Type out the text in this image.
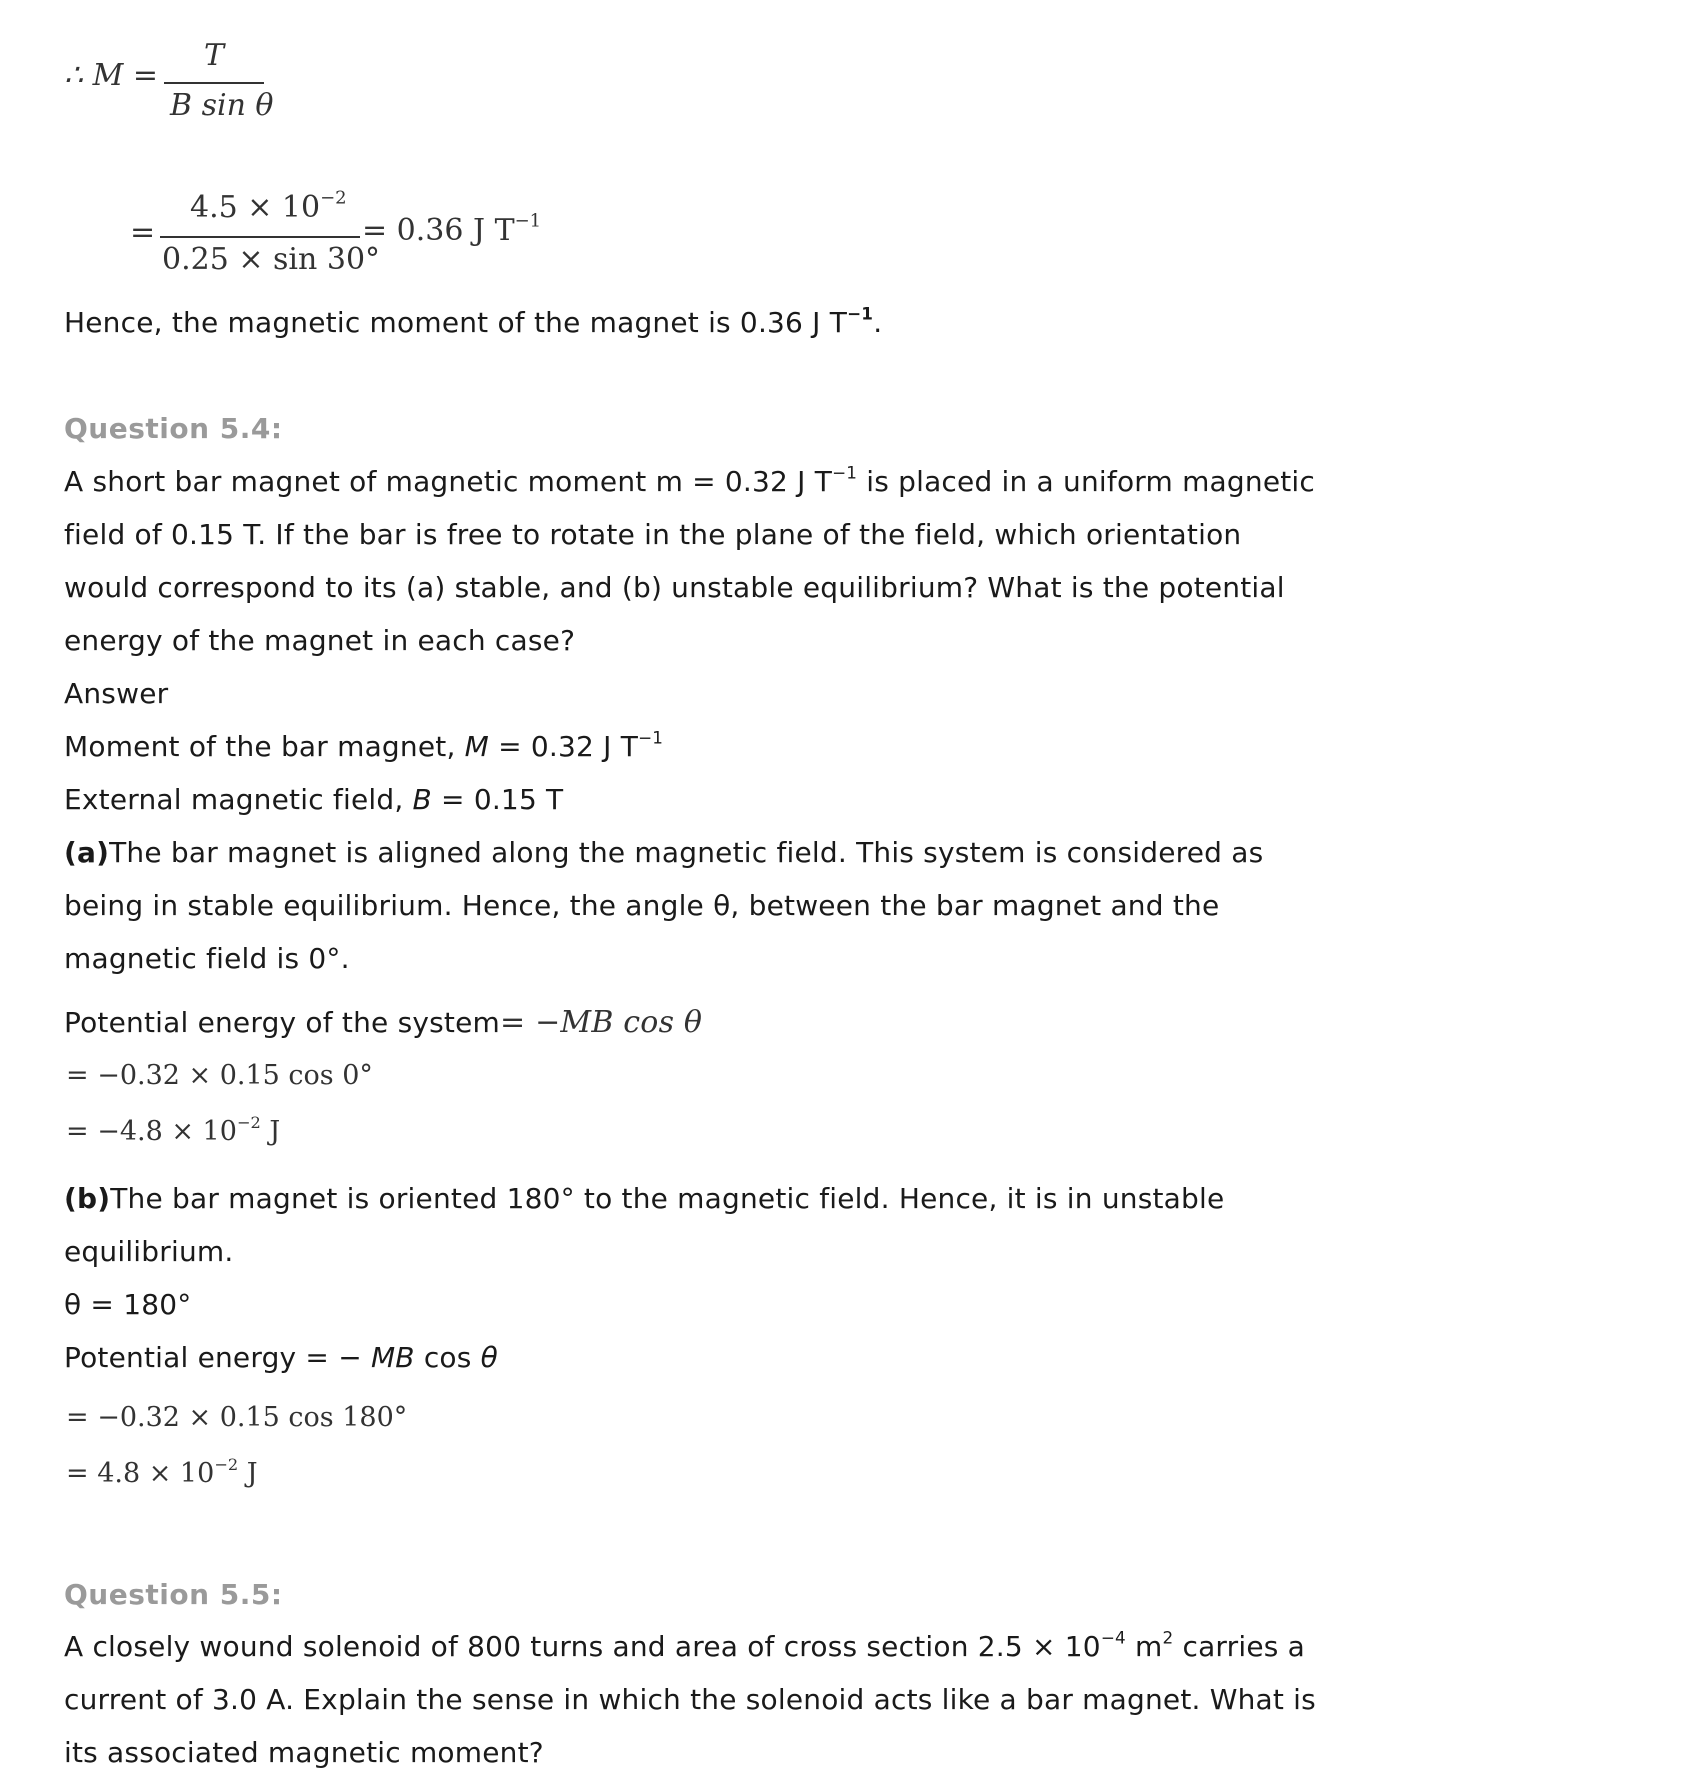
∴ M =
T
B sin θ
=
$4.5 \times 10^{-2}$
0.25 × sin 30°
= 0.36 J $T^{-1}$
Hence, the magnetic moment of the magnet is 0.36 J $T^{-1}$.
Question 5.4:
A short bar magnet of magnetic moment m = 0.32 J $T^{-1}$ is placed in a uniform magnetic
field of 0.15 T. If the bar is free to rotate in the plane of the field, which orientation
would correspond to its (a) stable, and (b) unstable equilibrium? What is the potential
energy of the magnet in each case?
Answer
Moment of the bar magnet, M = 0.32 J $T^{-1}$
External magnetic field, B = 0.15 T
(a)The bar magnet is aligned along the magnetic field. This system is considered as
being in stable equilibrium. Hence, the angle θ, between the bar magnet and the
magnetic field is 0°.
Potential energy of the system= −MB cos θ
= −0.32 × 0.15 cos 0°
= $-4.8 \times 10^{-2}$ J
(b)The bar magnet is oriented 180° to the magnetic field. Hence, it is in unstable
equilibrium.
θ = 180°
Potential energy = − MB cos θ
= −0.32 × 0.15 cos 180°
= $4.8 \times 10^{-2}$ J
Question 5.5:
A closely wound solenoid of 800 turns and area of cross section $2.5 \times 10^{-4}$ $m^2$ carries a
current of 3.0 A. Explain the sense in which the solenoid acts like a bar magnet. What is
its associated magnetic moment?
